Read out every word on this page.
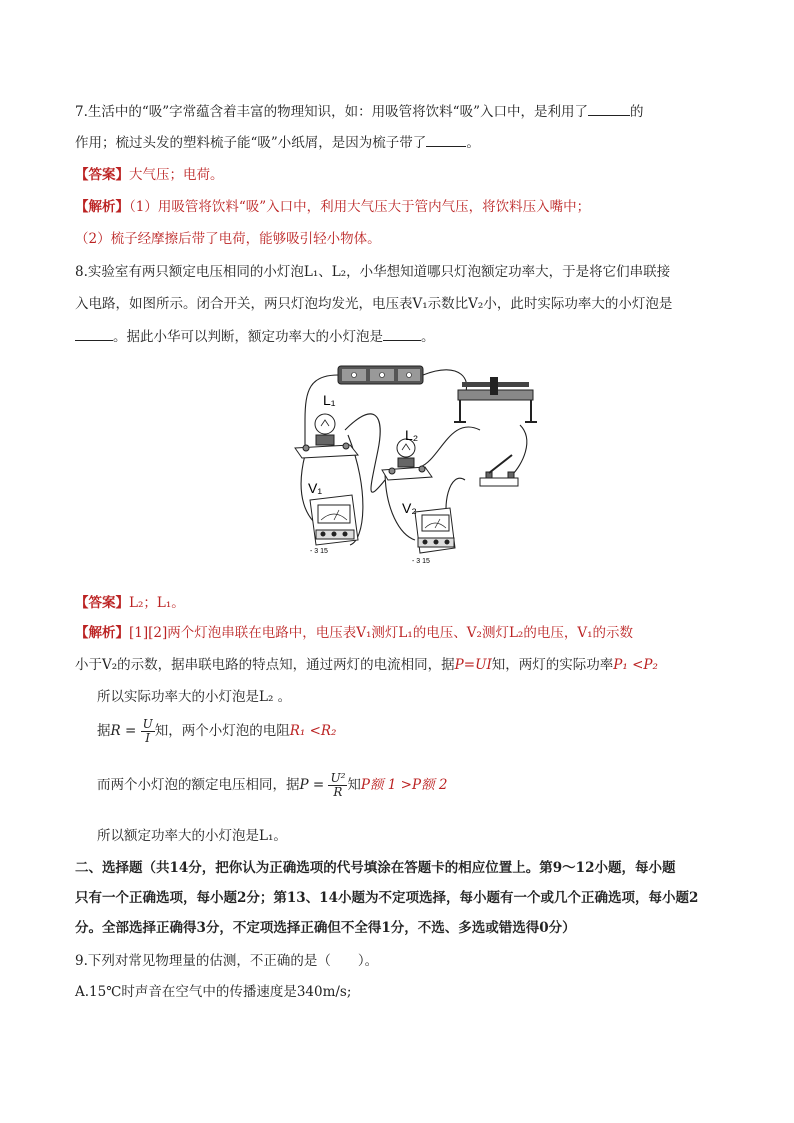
7.生活中的“吸”字常蕴含着丰富的物理知识，如：用吸管将饮料“吸”入口中，是利用了	的
作用；梳过头发的塑料梳子能“吸”小纸屑，是因为梳子带了	。
【答案】大气压；电荷。
【解析】（1）用吸管将饮料“吸”入口中，利用大气压大于管内气压，将饮料压入嘴中；
（2）梳子经摩擦后带了电荷，能够吸引轻小物体。
8.实验室有两只额定电压相同的小灯泡L₁、L₂，小华想知道哪只灯泡额定功率大，于是将它们串联接
入电路，如图所示。闭合开关，两只灯泡均发光，电压表V₁示数比V₂小，此时实际功率大的小灯泡是
。据此小华可以判断，额定功率大的小灯泡是	。
L₁
L₂
V₁
V₂
- 3 15
- 3 15
【答案】L₂；L₁。
【解析】[1][2]两个灯泡串联在电路中，电压表V₁测灯L₁的电压、V₂测灯L₂的电压，V₁的示数
小于V₂的示数，据串联电路的特点知，通过两灯的电流相同，据P=UI知，两灯的实际功率P₁ <P₂
所以实际功率大的小灯泡是L₂ 。
据$R = \frac{U}{I}$ 知，两个小灯泡的电阻R₁ <R₂
而两个小灯泡的额定电压相同，据$P = \frac{\text{U²}}{R}$ 知P额 1 >P额 2
所以额定功率大的小灯泡是L₁。
二、选择题（共14分，把你认为正确选项的代号填涂在答题卡的相应位置上。第9～12小题，每小题
只有一个正确选项，每小题2分；第13、14小题为不定项选择，每小题有一个或几个正确选项，每小题2
分。全部选择正确得3分，不定项选择正确但不全得1分，不选、多选或错选得0分）
9.下列对常见物理量的估测，不正确的是（　　）。
A.15℃时声音在空气中的传播速度是340m/s;
